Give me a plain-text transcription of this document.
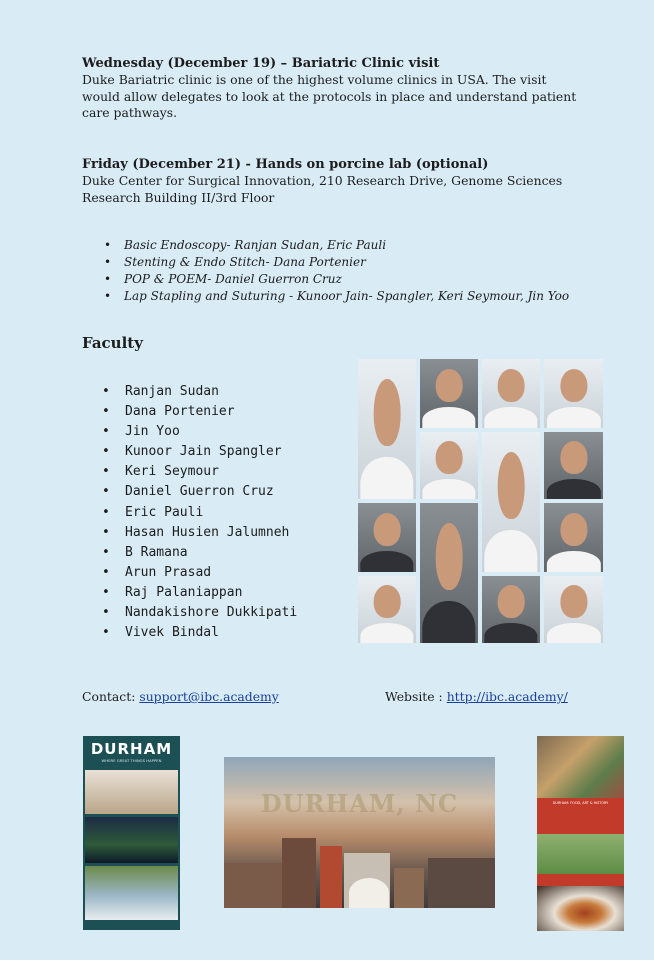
Wednesday (December 19) – Bariatric Clinic visit

Duke Bariatric clinic is one of the highest volume clinics in USA. The visit would allow delegates to look at the protocols in place and understand patient care pathways.

Friday (December 21) - Hands on porcine lab (optional)

Duke Center for Surgical Innovation, 210 Research Drive, Genome Sciences Research Building II/3rd Floor

• Basic Endoscopy- Ranjan Sudan, Eric Pauli
• Stenting & Endo Stitch- Dana Portenier
• POP & POEM- Daniel Guerron Cruz
• Lap Stapling and Suturing - Kunoor Jain- Spangler, Keri Seymour, Jin Yoo
Faculty
• Ranjan Sudan
• Dana Portenier
• Jin Yoo
• Kunoor Jain Spangler
• Keri Seymour
• Daniel Guerron Cruz
• Eric Pauli
• Hasan Husien Jalumneh
• B Ramana
• Arun Prasad
• Raj Palaniappan
• Nandakishore Dukkipati
• Vivek Bindal
Contact: support@ibc.academy	Website : http://ibc.academy/
DURHAM
WHERE GREAT THINGS HAPPEN
DURHAM, NC	DURHAM: FOOD, ART & HISTORY
